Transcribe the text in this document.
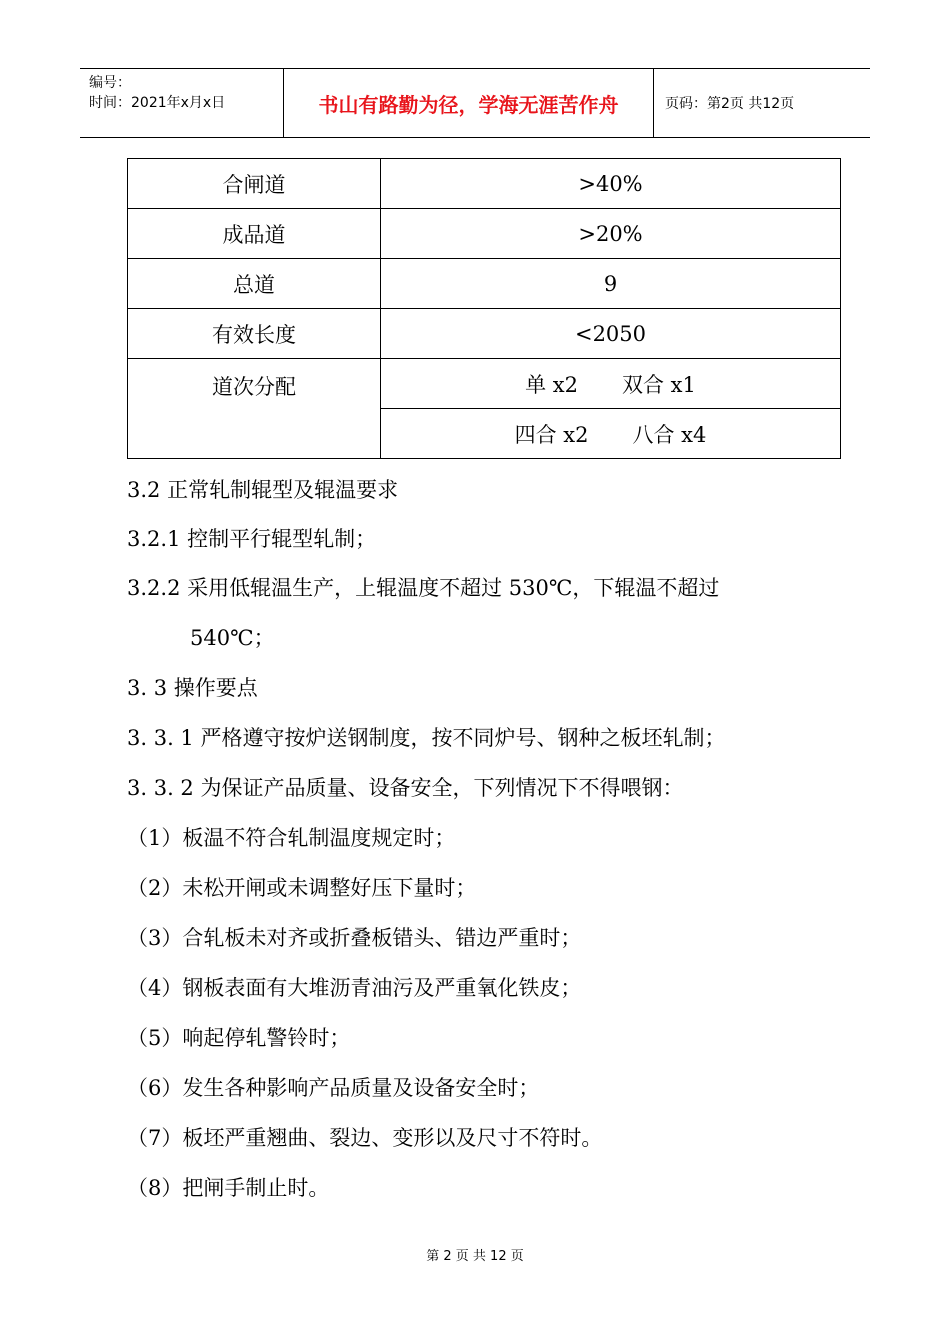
编号：
时间：2021年x月x日	书山有路勤为径，学海无涯苦作舟	页码：第2页 共12页
合闸道	>40%
成品道	>20%
总道	9
有效长度	<2050
道次分配	单 x2 双合 x1
	四合 x2 八合 x4
3.2 正常轧制辊型及辊温要求
3.2.1 控制平行辊型轧制；
3.2.2 采用低辊温生产，上辊温度不超过 530℃，下辊温不超过
540℃；
3. 3 操作要点
3. 3. 1 严格遵守按炉送钢制度，按不同炉号、钢种之板坯轧制；
3. 3. 2 为保证产品质量、设备安全，下列情况下不得喂钢：
（1）板温不符合轧制温度规定时；
（2）未松开闸或未调整好压下量时；
（3）合轧板未对齐或折叠板错头、错边严重时；
（4）钢板表面有大堆沥青油污及严重氧化铁皮；
（5）响起停轧警铃时；
（6）发生各种影响产品质量及设备安全时；
（7）板坯严重翘曲、裂边、变形以及尺寸不符时。
（8）把闸手制止时。
第 2 页 共 12 页
